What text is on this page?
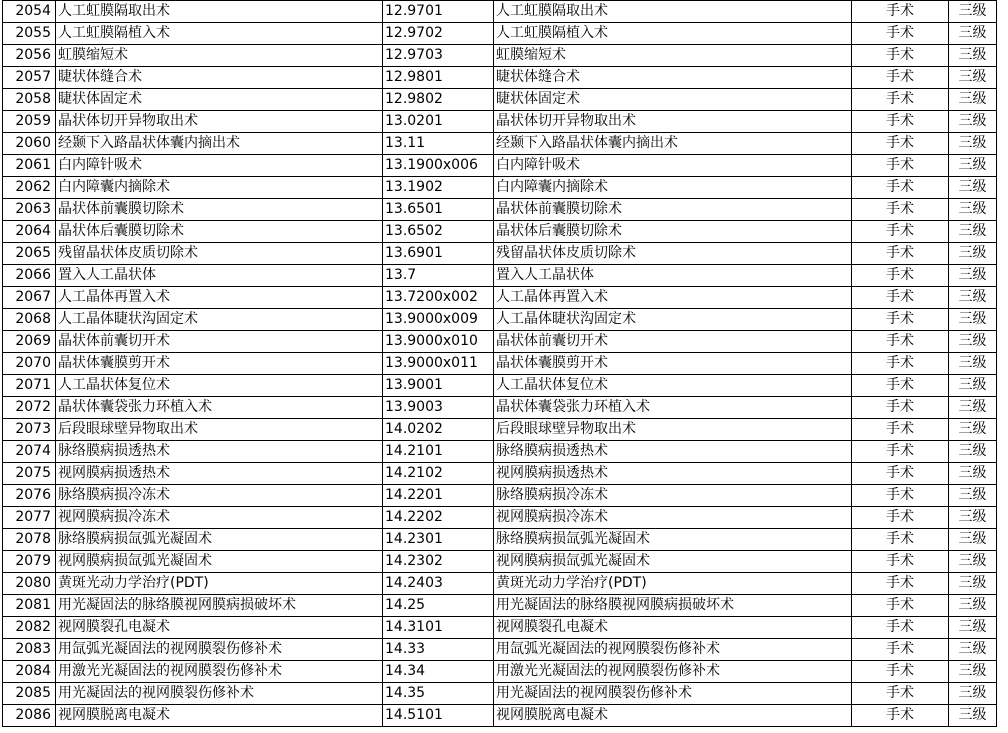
2054	人工虹膜隔取出术	12.9701	人工虹膜隔取出术	手术	三级
2055	人工虹膜隔植入术	12.9702	人工虹膜隔植入术	手术	三级
2056	虹膜缩短术	12.9703	虹膜缩短术	手术	三级
2057	睫状体缝合术	12.9801	睫状体缝合术	手术	三级
2058	睫状体固定术	12.9802	睫状体固定术	手术	三级
2059	晶状体切开异物取出术	13.0201	晶状体切开异物取出术	手术	三级
2060	经颞下入路晶状体囊内摘出术	13.11	经颞下入路晶状体囊内摘出术	手术	三级
2061	白内障针吸术	13.1900x006	白内障针吸术	手术	三级
2062	白内障囊内摘除术	13.1902	白内障囊内摘除术	手术	三级
2063	晶状体前囊膜切除术	13.6501	晶状体前囊膜切除术	手术	三级
2064	晶状体后囊膜切除术	13.6502	晶状体后囊膜切除术	手术	三级
2065	残留晶状体皮质切除术	13.6901	残留晶状体皮质切除术	手术	三级
2066	置入人工晶状体	13.7	置入人工晶状体	手术	三级
2067	人工晶体再置入术	13.7200x002	人工晶体再置入术	手术	三级
2068	人工晶体睫状沟固定术	13.9000x009	人工晶体睫状沟固定术	手术	三级
2069	晶状体前囊切开术	13.9000x010	晶状体前囊切开术	手术	三级
2070	晶状体囊膜剪开术	13.9000x011	晶状体囊膜剪开术	手术	三级
2071	人工晶状体复位术	13.9001	人工晶状体复位术	手术	三级
2072	晶状体囊袋张力环植入术	13.9003	晶状体囊袋张力环植入术	手术	三级
2073	后段眼球壁异物取出术	14.0202	后段眼球壁异物取出术	手术	三级
2074	脉络膜病损透热术	14.2101	脉络膜病损透热术	手术	三级
2075	视网膜病损透热术	14.2102	视网膜病损透热术	手术	三级
2076	脉络膜病损冷冻术	14.2201	脉络膜病损冷冻术	手术	三级
2077	视网膜病损冷冻术	14.2202	视网膜病损冷冻术	手术	三级
2078	脉络膜病损氙弧光凝固术	14.2301	脉络膜病损氙弧光凝固术	手术	三级
2079	视网膜病损氙弧光凝固术	14.2302	视网膜病损氙弧光凝固术	手术	三级
2080	黄斑光动力学治疗(PDT)	14.2403	黄斑光动力学治疗(PDT)	手术	三级
2081	用光凝固法的脉络膜视网膜病损破坏术	14.25	用光凝固法的脉络膜视网膜病损破坏术	手术	三级
2082	视网膜裂孔电凝术	14.3101	视网膜裂孔电凝术	手术	三级
2083	用氙弧光凝固法的视网膜裂伤修补术	14.33	用氙弧光凝固法的视网膜裂伤修补术	手术	三级
2084	用激光光凝固法的视网膜裂伤修补术	14.34	用激光光凝固法的视网膜裂伤修补术	手术	三级
2085	用光凝固法的视网膜裂伤修补术	14.35	用光凝固法的视网膜裂伤修补术	手术	三级
2086	视网膜脱离电凝术	14.5101	视网膜脱离电凝术	手术	三级
